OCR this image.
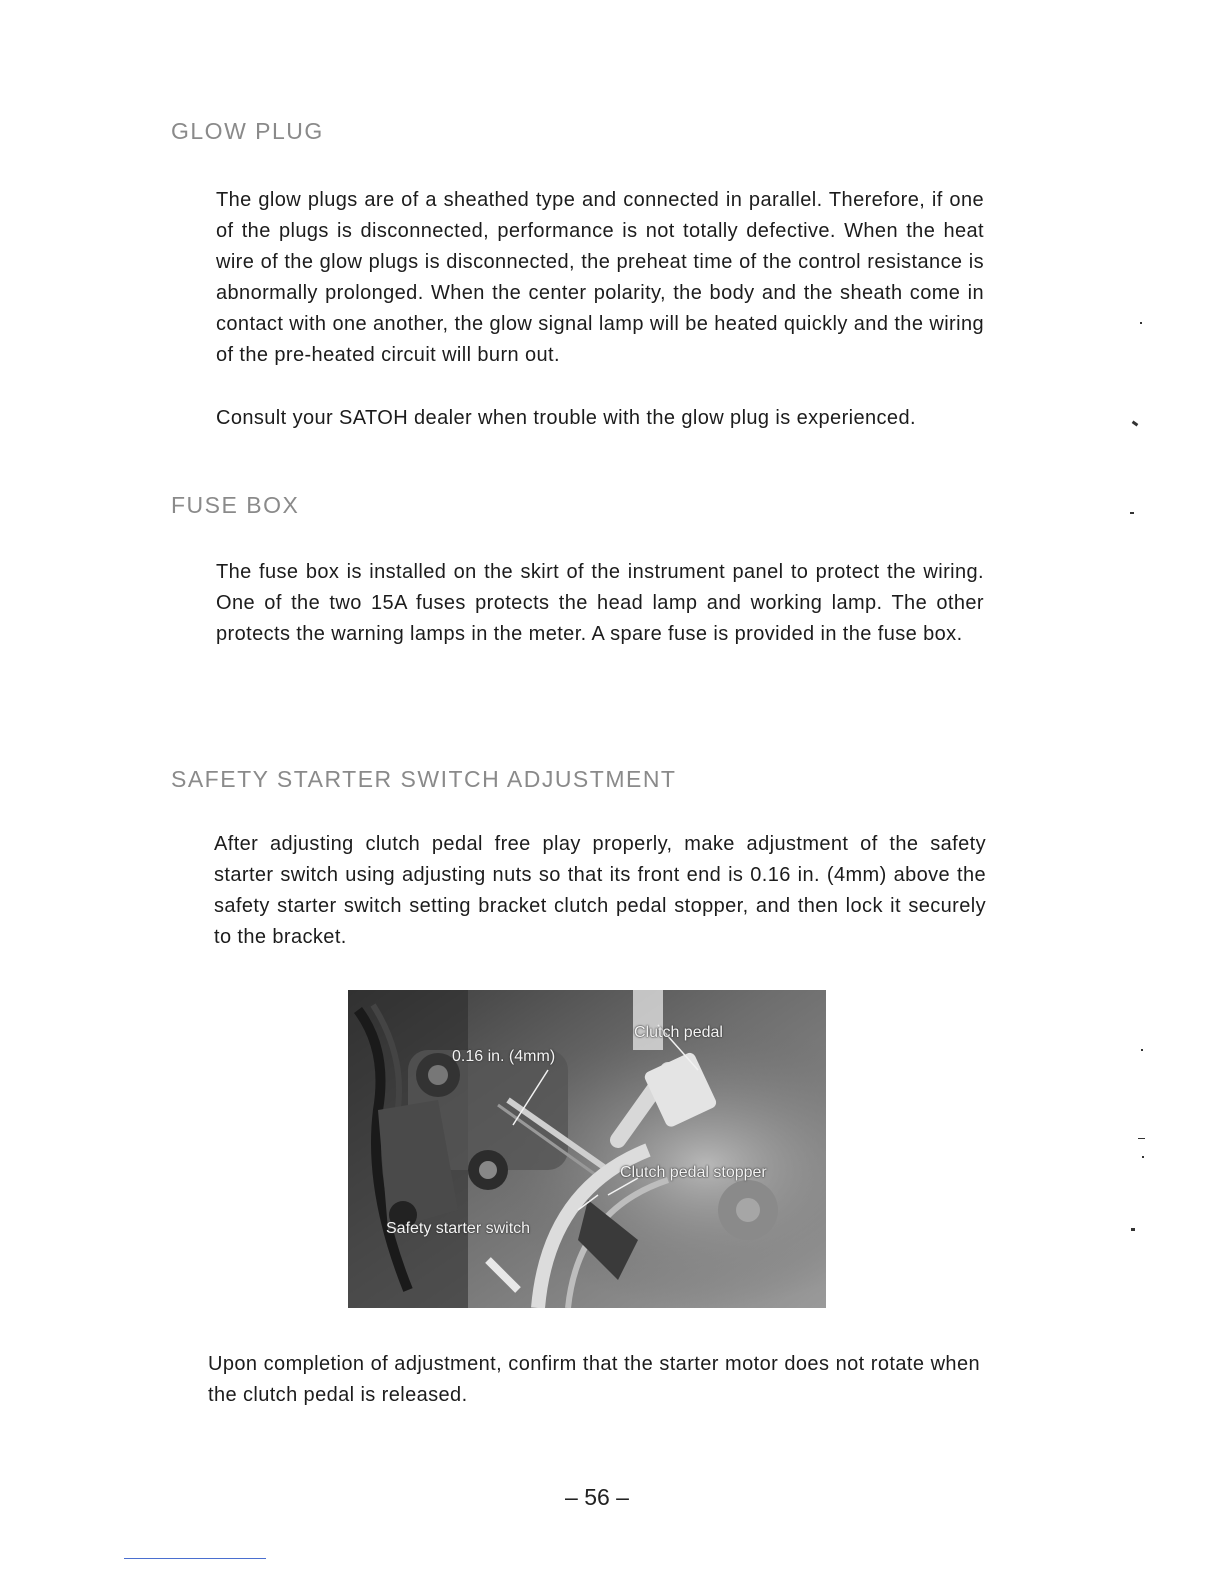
GLOW PLUG

The glow plugs are of a sheathed type and connected in parallel. Therefore, if one of the plugs is disconnected, performance is not totally defective. When the heat wire of the glow plugs is disconnected, the preheat time of the control resistance is abnormally prolonged. When the center polarity, the body and the sheath come in contact with one another, the glow signal lamp will be heated quickly and the wiring of the pre-heated circuit will burn out.

Consult your SATOH dealer when trouble with the glow plug is experienced.

FUSE BOX

The fuse box is installed on the skirt of the instrument panel to protect the wiring. One of the two 15A fuses protects the head lamp and working lamp. The other protects the warning lamps in the meter. A spare fuse is provided in the fuse box.

SAFETY STARTER SWITCH ADJUSTMENT

After adjusting clutch pedal free play properly, make adjustment of the safety starter switch using adjusting nuts so that its front end is 0.16 in. (4mm) above the safety starter switch setting bracket clutch pedal stopper, and then lock it securely to the bracket.

Clutch pedal
0.16 in. (4mm)
Clutch pedal stopper
Safety starter switch

Upon completion of adjustment, confirm that the starter motor does not rotate when the clutch pedal is released.

– 56 –
